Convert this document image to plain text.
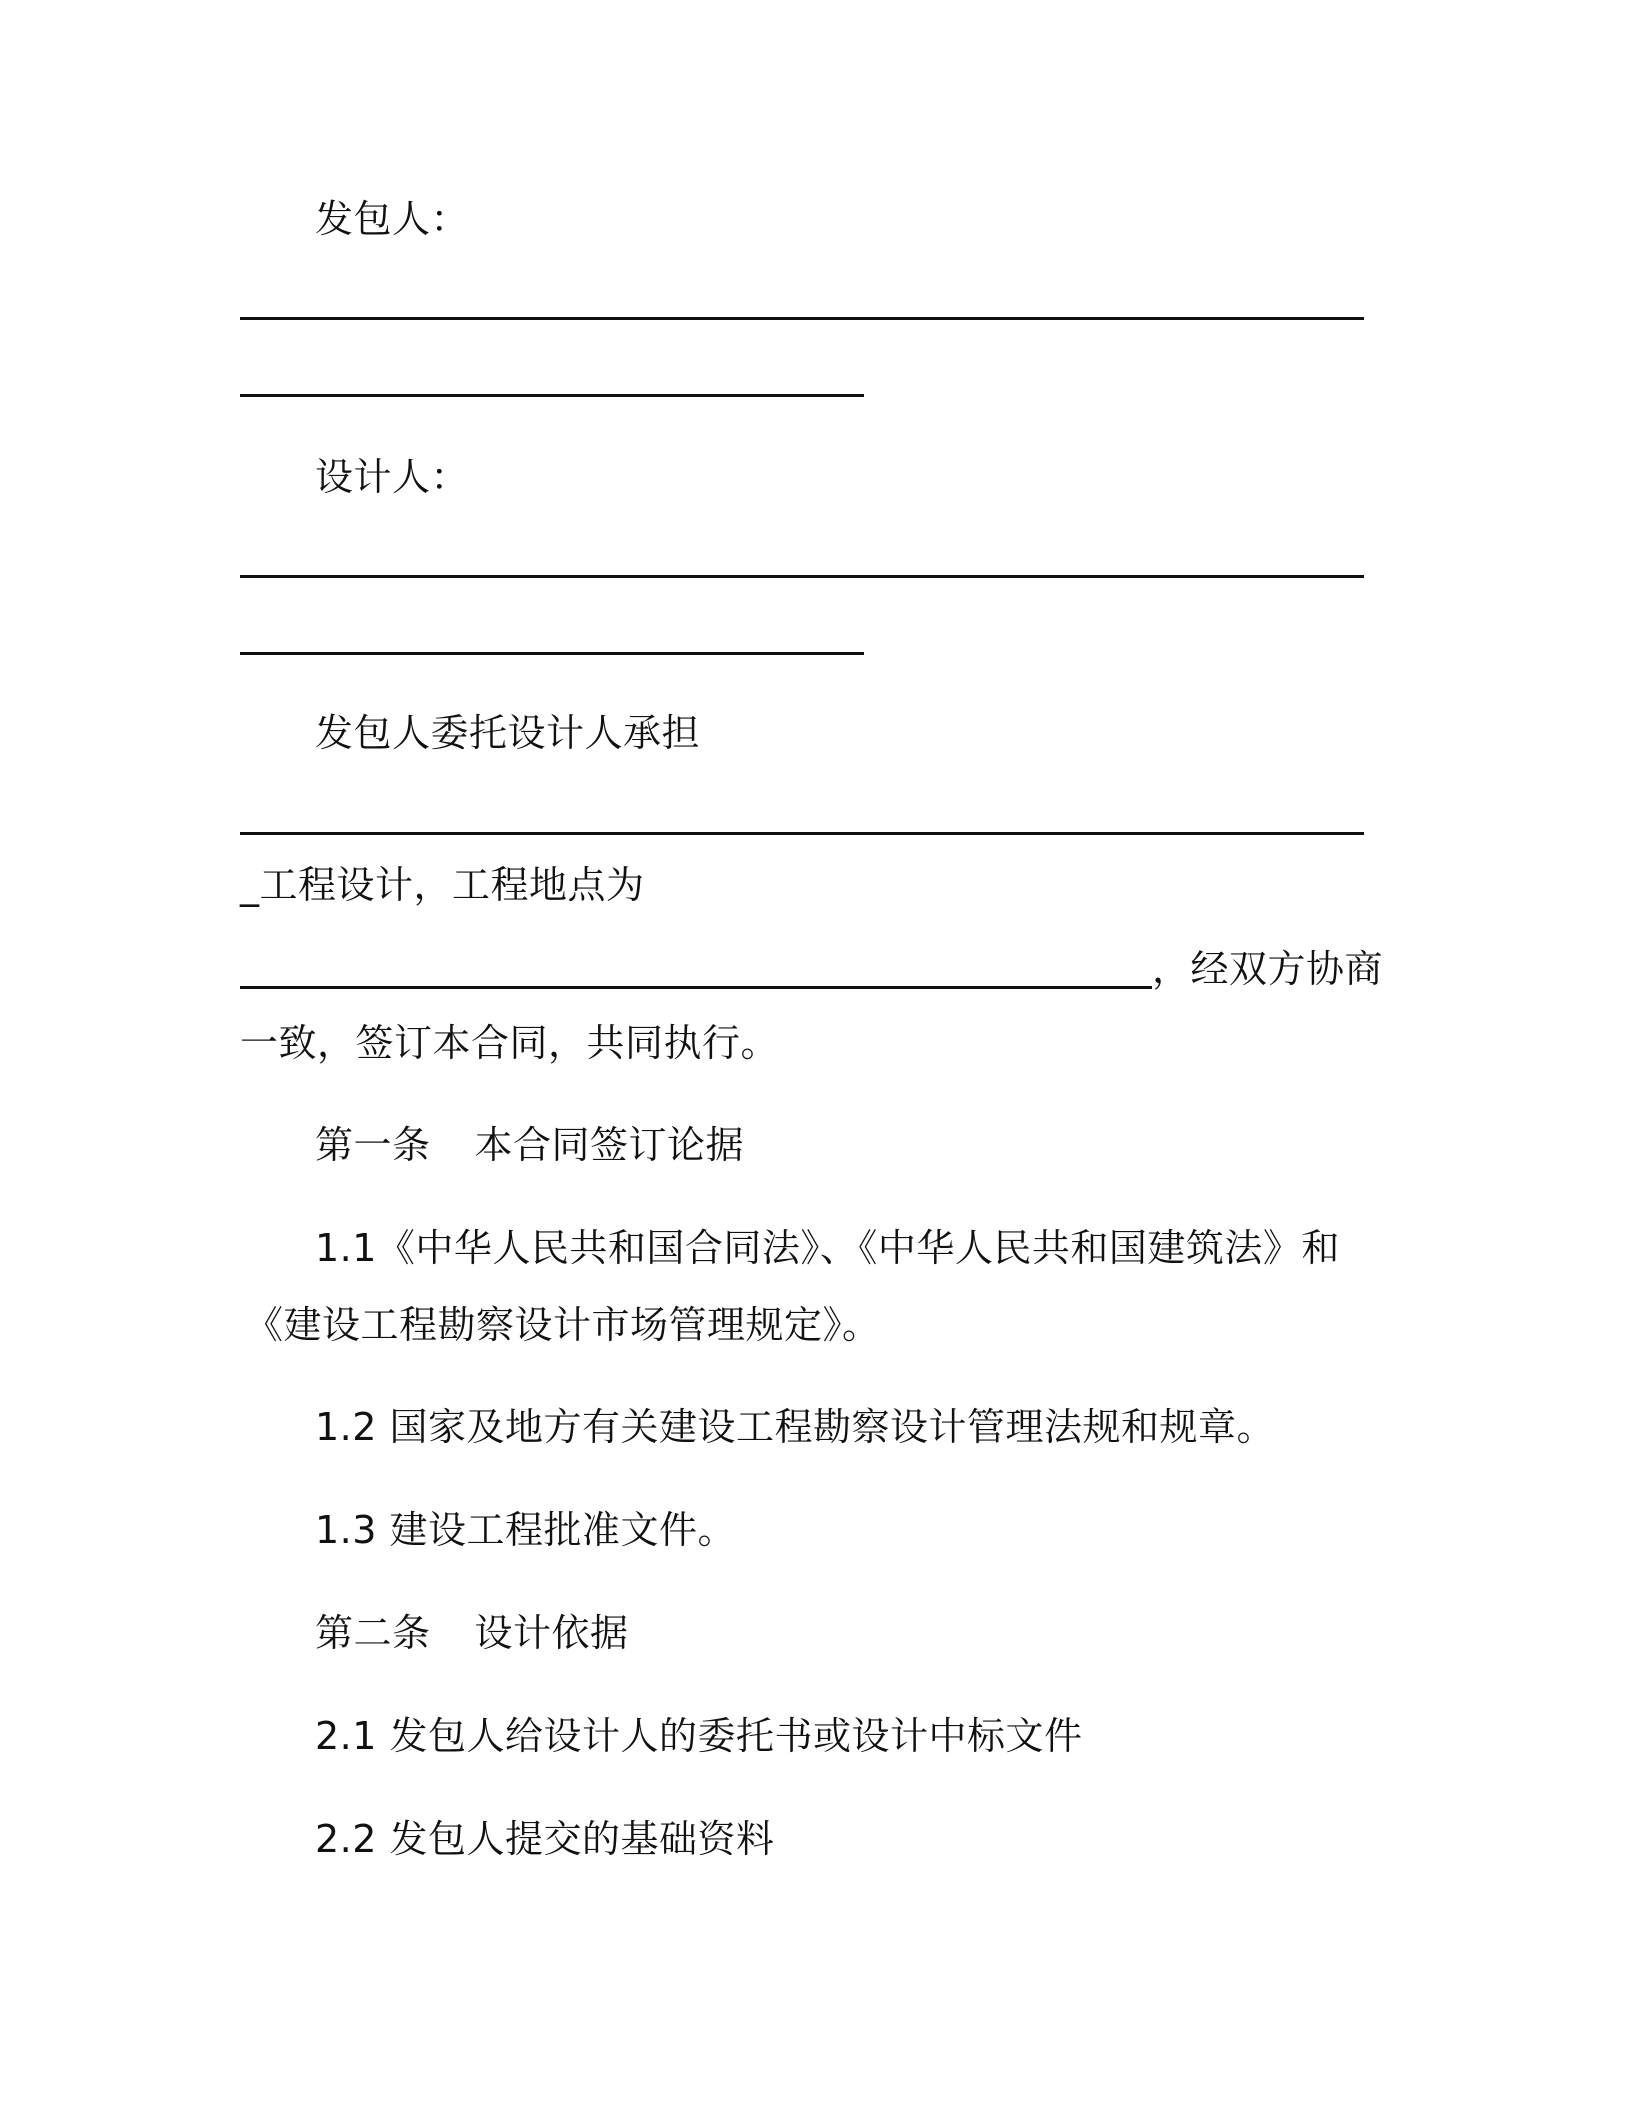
发包人：
设计人：
发包人委托设计人承担
_工程设计，工程地点为
，经双方协商
一致，签订本合同，共同执行。
第一条 本合同签订论据
1.1《中华人民共和国合同法》、《中华人民共和国建筑法》和
《建设工程勘察设计市场管理规定》。
1.2 国家及地方有关建设工程勘察设计管理法规和规章。
1.3 建设工程批准文件。
第二条 设计依据
2.1 发包人给设计人的委托书或设计中标文件
2.2 发包人提交的基础资料
